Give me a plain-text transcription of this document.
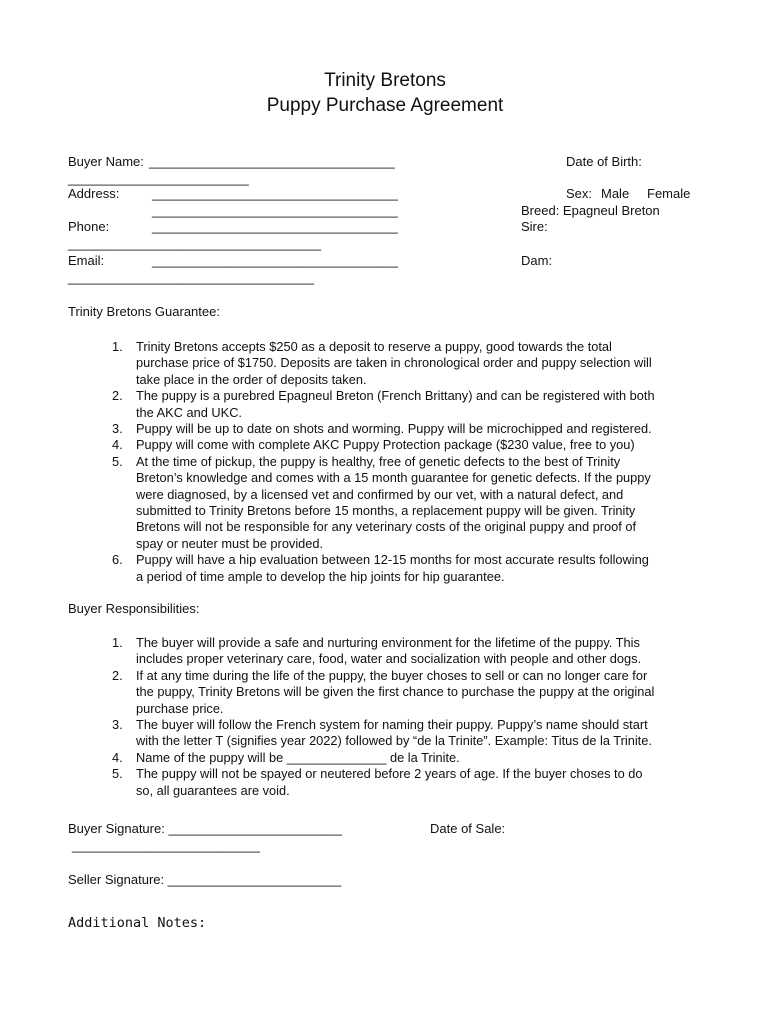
Trinity Bretons
Puppy Purchase Agreement
Buyer Name: __________________________________
_________________________
Address:	__________________________________
__________________________________
Phone:	__________________________________
___________________________________
Email:	__________________________________
__________________________________
Date of Birth:
Sex: Male Female
Breed: Epagneul Breton
Sire:
Dam:
Trinity Bretons Guarantee:
1. Trinity Bretons accepts $250 as a deposit to reserve a puppy, good towards the total
purchase price of $1750. Deposits are taken in chronological order and puppy selection will
take place in the order of deposits taken.
2. The puppy is a purebred Epagneul Breton (French Brittany) and can be registered with both
the AKC and UKC.
3. Puppy will be up to date on shots and worming. Puppy will be microchipped and registered.
4. Puppy will come with complete AKC Puppy Protection package ($230 value, free to you)
5. At the time of pickup, the puppy is healthy, free of genetic defects to the best of Trinity
Breton’s knowledge and comes with a 15 month guarantee for genetic defects. If the puppy
were diagnosed, by a licensed vet and confirmed by our vet, with a natural defect, and
submitted to Trinity Bretons before 15 months, a replacement puppy will be given. Trinity
Bretons will not be responsible for any veterinary costs of the original puppy and proof of
spay or neuter must be provided.
6. Puppy will have a hip evaluation between 12-15 months for most accurate results following
a period of time ample to develop the hip joints for hip guarantee.
Buyer Responsibilities:
1. The buyer will provide a safe and nurturing environment for the lifetime of the puppy. This
includes proper veterinary care, food, water and socialization with people and other dogs.
2. If at any time during the life of the puppy, the buyer choses to sell or can no longer care for
the puppy, Trinity Bretons will be given the first chance to purchase the puppy at the original
purchase price.
3. The buyer will follow the French system for naming their puppy. Puppy’s name should start
with the letter T (signifies year 2022) followed by “de la Trinite”. Example: Titus de la Trinite.
4. Name of the puppy will be ______________ de la Trinite.
5. The puppy will not be spayed or neutered before 2 years of age. If the buyer choses to do
so, all guarantees are void.
Buyer Signature: ________________________
__________________________
Date of Sale:
Seller Signature: ________________________
Additional Notes:
